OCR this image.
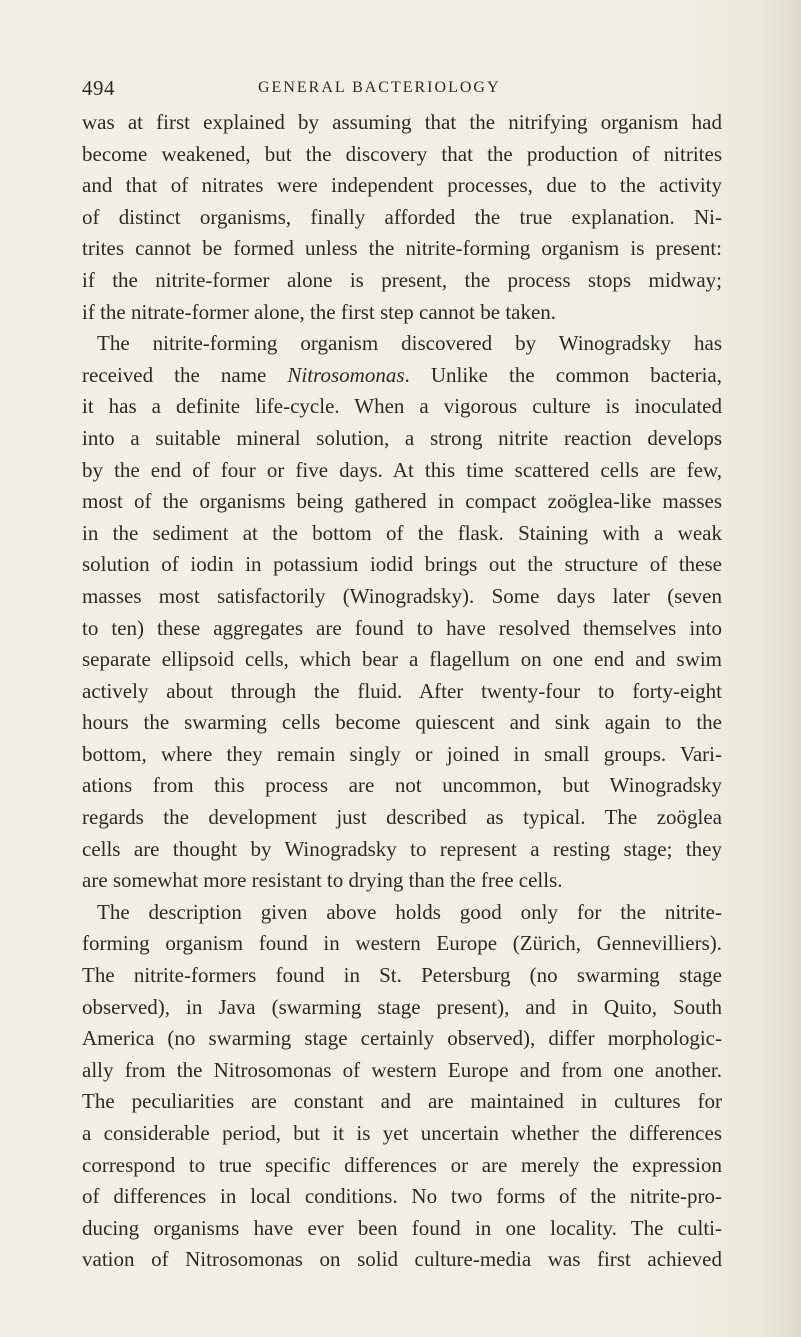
494	GENERAL BACTERIOLOGY
was at first explained by assuming that the nitrifying organism had
become weakened, but the discovery that the production of nitrites
and that of nitrates were independent processes, due to the activity
of distinct organisms, finally afforded the true explanation. Ni-
trites cannot be formed unless the nitrite-forming organism is present:
if the nitrite-former alone is present, the process stops midway;
if the nitrate-former alone, the first step cannot be taken.
The nitrite-forming organism discovered by Winogradsky has
received the name Nitrosomonas. Unlike the common bacteria,
it has a definite life-cycle. When a vigorous culture is inoculated
into a suitable mineral solution, a strong nitrite reaction develops
by the end of four or five days. At this time scattered cells are few,
most of the organisms being gathered in compact zoöglea-like masses
in the sediment at the bottom of the flask. Staining with a weak
solution of iodin in potassium iodid brings out the structure of these
masses most satisfactorily (Winogradsky). Some days later (seven
to ten) these aggregates are found to have resolved themselves into
separate ellipsoid cells, which bear a flagellum on one end and swim
actively about through the fluid. After twenty-four to forty-eight
hours the swarming cells become quiescent and sink again to the
bottom, where they remain singly or joined in small groups. Vari-
ations from this process are not uncommon, but Winogradsky
regards the development just described as typical. The zoöglea
cells are thought by Winogradsky to represent a resting stage; they
are somewhat more resistant to drying than the free cells.
The description given above holds good only for the nitrite-
forming organism found in western Europe (Zürich, Gennevilliers).
The nitrite-formers found in St. Petersburg (no swarming stage
observed), in Java (swarming stage present), and in Quito, South
America (no swarming stage certainly observed), differ morphologic-
ally from the Nitrosomonas of western Europe and from one another.
The peculiarities are constant and are maintained in cultures for
a considerable period, but it is yet uncertain whether the differences
correspond to true specific differences or are merely the expression
of differences in local conditions. No two forms of the nitrite-pro-
ducing organisms have ever been found in one locality. The culti-
vation of Nitrosomonas on solid culture-media was first achieved
